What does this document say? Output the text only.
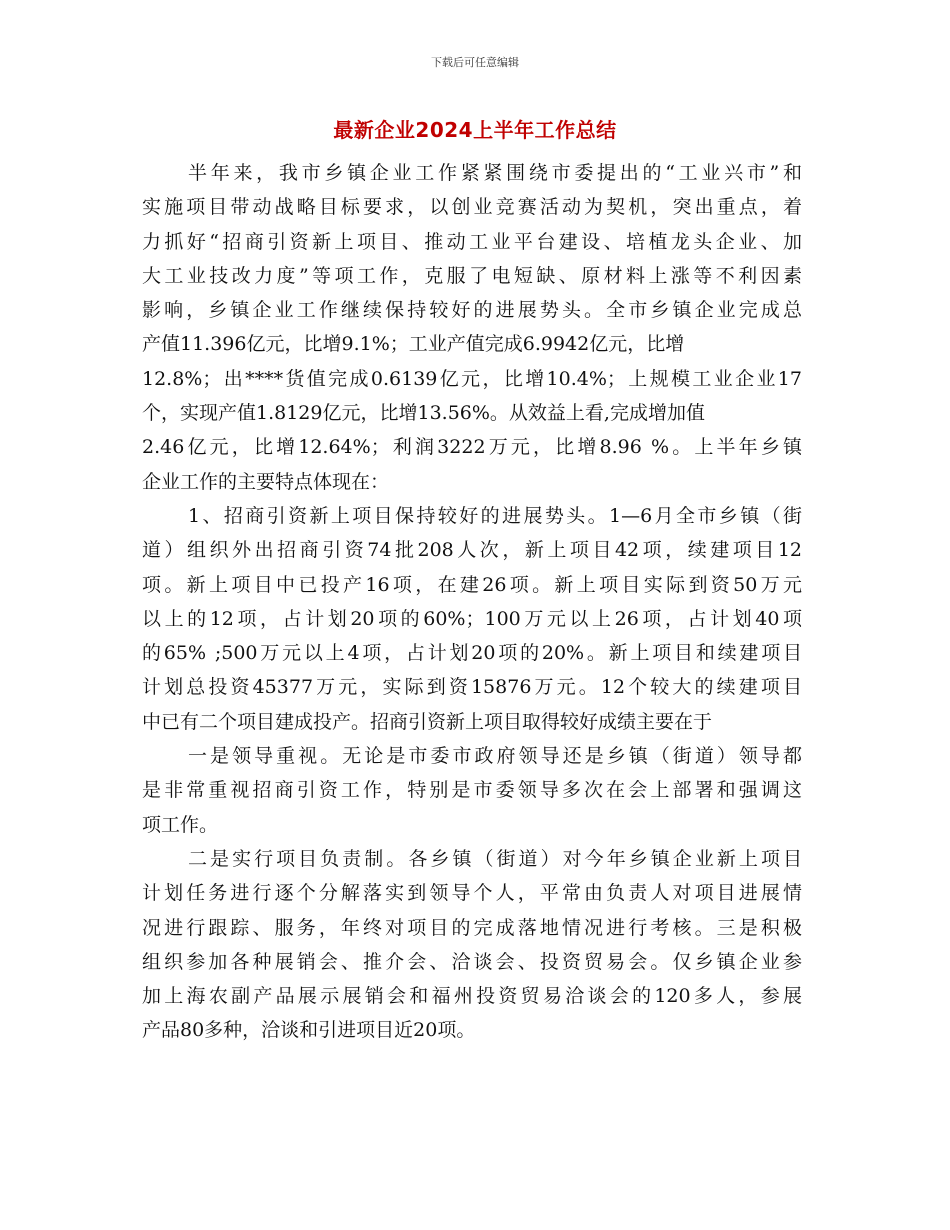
下载后可任意编辑
最新企业2024上半年工作总结
半年来，我市乡镇企业工作紧紧围绕市委提出的“工业兴市”和
实施项目带动战略目标要求，以创业竞赛活动为契机，突出重点，着
力抓好“招商引资新上项目、推动工业平台建设、培植龙头企业、加
大工业技改力度”等项工作，克服了电短缺、原材料上涨等不利因素
影响，乡镇企业工作继续保持较好的进展势头。全市乡镇企业完成总
产值11.396亿元，比增9.1%；工业产值完成6.9942亿元，比增
12.8%；出****货值完成0.6139亿元，比增10.4%；上规模工业企业17
个，实现产值1.8129亿元，比增13.56%。从效益上看,完成增加值
2.46亿元，比增12.64%；利润3222万元，比增8.96 %。上半年乡镇
企业工作的主要特点体现在：
1、招商引资新上项目保持较好的进展势头。1—6月全市乡镇（街
道）组织外出招商引资74批208人次，新上项目42项，续建项目12
项。新上项目中已投产16项，在建26项。新上项目实际到资50万元
以上的12项，占计划20项的60%；100万元以上26项，占计划40项
的65% ;500万元以上4项，占计划20项的20%。新上项目和续建项目
计划总投资45377万元，实际到资15876万元。12个较大的续建项目
中已有二个项目建成投产。招商引资新上项目取得较好成绩主要在于
一是领导重视。无论是市委市政府领导还是乡镇（街道）领导都
是非常重视招商引资工作，特别是市委领导多次在会上部署和强调这
项工作。
二是实行项目负责制。各乡镇（街道）对今年乡镇企业新上项目
计划任务进行逐个分解落实到领导个人，平常由负责人对项目进展情
况进行跟踪、服务，年终对项目的完成落地情况进行考核。三是积极
组织参加各种展销会、推介会、洽谈会、投资贸易会。仅乡镇企业参
加上海农副产品展示展销会和福州投资贸易洽谈会的120多人，参展
产品80多种，洽谈和引进项目近20项。
